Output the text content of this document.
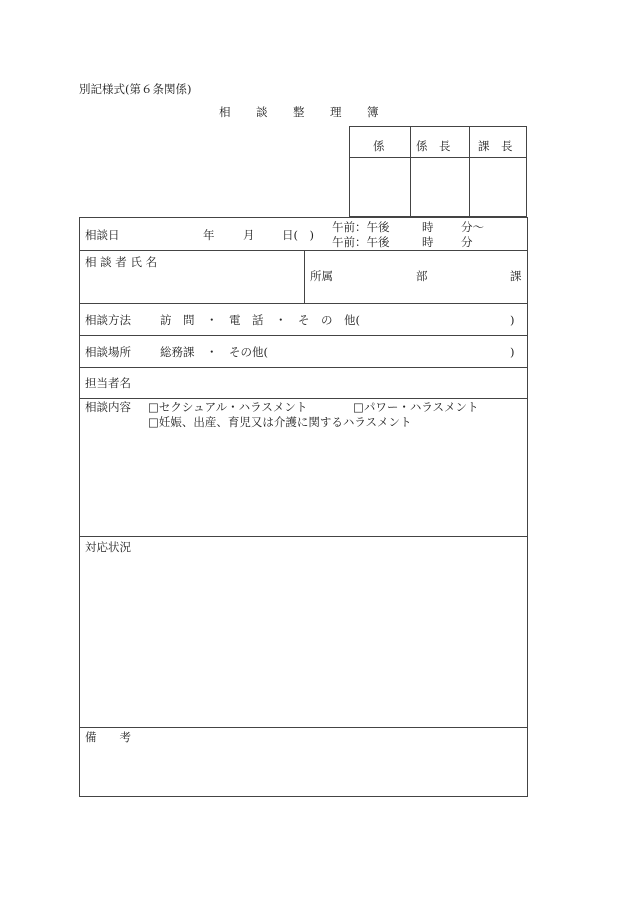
別記様式(第６条関係)
相 談 整 理 簿
係	係　長 課　長
相談日	年 月 日(　)
午前：午後	時 分～
午前：午後	時 分
相 談 者 氏 名
所属	部	課
相談方法	訪　問　・　電　話　・　そ　の　他(	)
相談場所	総務課　・　その他(	)
担当者名
相談内容 □セクシュアル・ハラスメント	□パワー・ハラスメント
□妊娠、出産、育児又は介護に関するハラスメント
対応状況
備　　考
